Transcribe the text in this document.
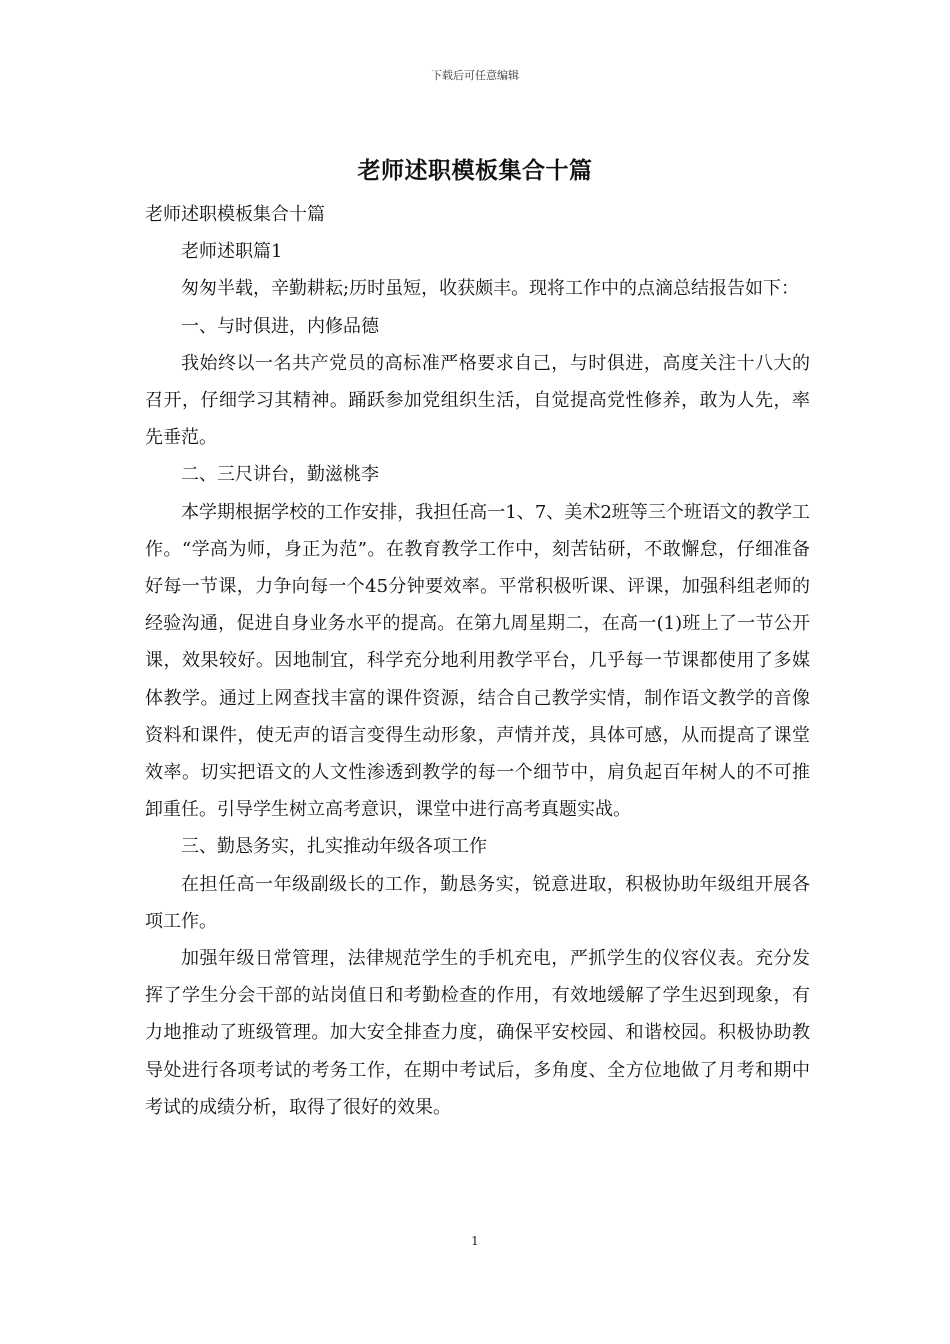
下载后可任意编辑
老师述职模板集合十篇

老师述职模板集合十篇

老师述职篇1

匆匆半载，辛勤耕耘;历时虽短，收获颇丰。现将工作中的点滴总结报告如下：

一、与时俱进，内修品德

我始终以一名共产党员的高标准严格要求自己，与时俱进，高度关注十八大的召开，仔细学习其精神。踊跃参加党组织生活，自觉提高党性修养，敢为人先，率先垂范。

二、三尺讲台，勤滋桃李

本学期根据学校的工作安排，我担任高一1、7、美术2班等三个班语文的教学工作。“学高为师，身正为范”。在教育教学工作中，刻苦钻研，不敢懈怠，仔细准备好每一节课，力争向每一个45分钟要效率。平常积极听课、评课，加强科组老师的经验沟通，促进自身业务水平的提高。在第九周星期二，在高一(1)班上了一节公开课，效果较好。因地制宜，科学充分地利用教学平台，几乎每一节课都使用了多媒体教学。通过上网查找丰富的课件资源，结合自己教学实情，制作语文教学的音像资料和课件，使无声的语言变得生动形象，声情并茂，具体可感，从而提高了课堂效率。切实把语文的人文性渗透到教学的每一个细节中，肩负起百年树人的不可推卸重任。引导学生树立高考意识，课堂中进行高考真题实战。

三、勤恳务实，扎实推动年级各项工作

在担任高一年级副级长的工作，勤恳务实，锐意进取，积极协助年级组开展各项工作。

加强年级日常管理，法律规范学生的手机充电，严抓学生的仪容仪表。充分发挥了学生分会干部的站岗值日和考勤检查的作用，有效地缓解了学生迟到现象，有力地推动了班级管理。加大安全排查力度，确保平安校园、和谐校园。积极协助教导处进行各项考试的考务工作，在期中考试后，多角度、全方位地做了月考和期中考试的成绩分析，取得了很好的效果。

1
